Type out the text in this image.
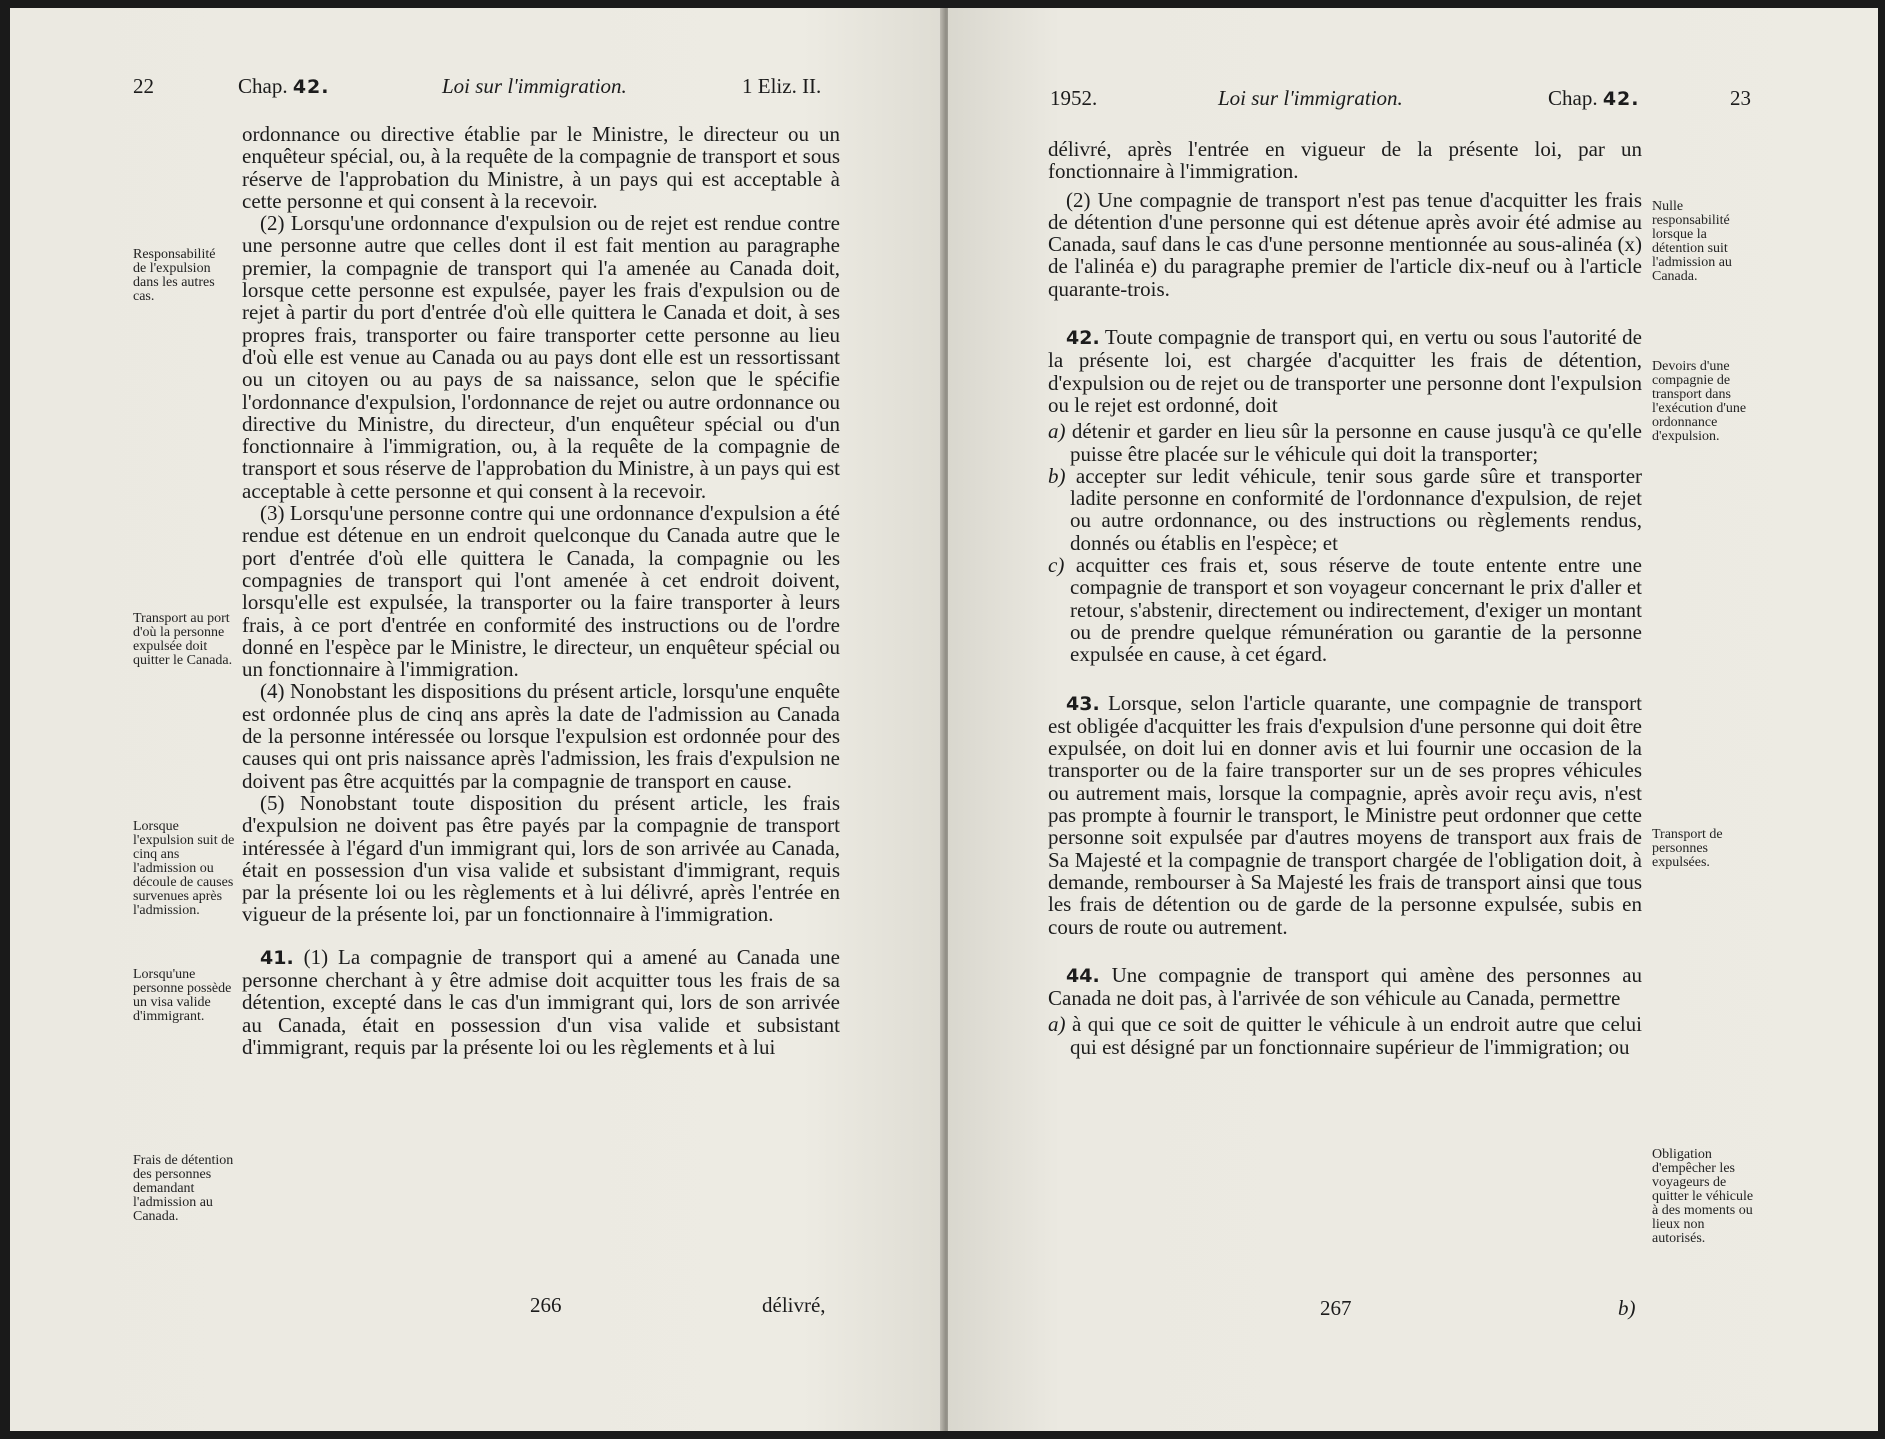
22	Chap. 42.	Loi sur l'immigration.	1 Eliz. II.

ordonnance ou directive établie par le Ministre, le directeur ou un enquêteur spécial, ou, à la requête de la compagnie de transport et sous réserve de l'approbation du Ministre, à un pays qui est acceptable à cette personne et qui consent à la recevoir.

(2) Lorsqu'une ordonnance d'expulsion ou de rejet est rendue contre une personne autre que celles dont il est fait mention au paragraphe premier, la compagnie de transport qui l'a amenée au Canada doit, lorsque cette personne est expulsée, payer les frais d'expulsion ou de rejet à partir du port d'entrée d'où elle quittera le Canada et doit, à ses propres frais, transporter ou faire transporter cette personne au lieu d'où elle est venue au Canada ou au pays dont elle est un ressortissant ou un citoyen ou au pays de sa naissance, selon que le spécifie l'ordonnance d'expulsion, l'ordonnance de rejet ou autre ordonnance ou directive du Ministre, du directeur, d'un enquêteur spécial ou d'un fonctionnaire à l'immigration, ou, à la requête de la compagnie de transport et sous réserve de l'approbation du Ministre, à un pays qui est acceptable à cette personne et qui consent à la recevoir.

(3) Lorsqu'une personne contre qui une ordonnance d'expulsion a été rendue est détenue en un endroit quelconque du Canada autre que le port d'entrée d'où elle quittera le Canada, la compagnie ou les compagnies de transport qui l'ont amenée à cet endroit doivent, lorsqu'elle est expulsée, la transporter ou la faire transporter à leurs frais, à ce port d'entrée en conformité des instructions ou de l'ordre donné en l'espèce par le Ministre, le directeur, un enquêteur spécial ou un fonctionnaire à l'immigration.

(4) Nonobstant les dispositions du présent article, lorsqu'une enquête est ordonnée plus de cinq ans après la date de l'admission au Canada de la personne intéressée ou lorsque l'expulsion est ordonnée pour des causes qui ont pris naissance après l'admission, les frais d'expulsion ne doivent pas être acquittés par la compagnie de transport en cause.

(5) Nonobstant toute disposition du présent article, les frais d'expulsion ne doivent pas être payés par la compagnie de transport intéressée à l'égard d'un immigrant qui, lors de son arrivée au Canada, était en possession d'un visa valide et subsistant d'immigrant, requis par la présente loi ou les règlements et à lui délivré, après l'entrée en vigueur de la présente loi, par un fonctionnaire à l'immigration.

41. (1) La compagnie de transport qui a amené au Canada une personne cherchant à y être admise doit acquitter tous les frais de sa détention, excepté dans le cas d'un immigrant qui, lors de son arrivée au Canada, était en possession d'un visa valide et subsistant d'immigrant, requis par la présente loi ou les règlements et à lui

Responsabilité de l'expulsion dans les autres cas.
Transport au port d'où la personne expulsée doit quitter le Canada.
Lorsque l'expulsion suit de cinq ans l'admission ou découle de causes survenues après l'admission.
Lorsqu'une personne possède un visa valide d'immigrant.
Frais de détention des personnes demandant l'admission au Canada.
266	délivré,
1952.	Loi sur l'immigration.	Chap. 42.	23

délivré, après l'entrée en vigueur de la présente loi, par un fonctionnaire à l'immigration.

(2) Une compagnie de transport n'est pas tenue d'acquitter les frais de détention d'une personne qui est détenue après avoir été admise au Canada, sauf dans le cas d'une personne mentionnée au sous-alinéa (x) de l'alinéa e) du paragraphe premier de l'article dix-neuf ou à l'article quarante-trois.

42. Toute compagnie de transport qui, en vertu ou sous l'autorité de la présente loi, est chargée d'acquitter les frais de détention, d'expulsion ou de rejet ou de transporter une personne dont l'expulsion ou le rejet est ordonné, doit

a) détenir et garder en lieu sûr la personne en cause jusqu'à ce qu'elle puisse être placée sur le véhicule qui doit la transporter;
b) accepter sur ledit véhicule, tenir sous garde sûre et transporter ladite personne en conformité de l'ordonnance d'expulsion, de rejet ou autre ordonnance, ou des instructions ou règlements rendus, donnés ou établis en l'espèce; et
c) acquitter ces frais et, sous réserve de toute entente entre une compagnie de transport et son voyageur concernant le prix d'aller et retour, s'abstenir, directement ou indirectement, d'exiger un montant ou de prendre quelque rémunération ou garantie de la personne expulsée en cause, à cet égard.

43. Lorsque, selon l'article quarante, une compagnie de transport est obligée d'acquitter les frais d'expulsion d'une personne qui doit être expulsée, on doit lui en donner avis et lui fournir une occasion de la transporter ou de la faire transporter sur un de ses propres véhicules ou autrement mais, lorsque la compagnie, après avoir reçu avis, n'est pas prompte à fournir le transport, le Ministre peut ordonner que cette personne soit expulsée par d'autres moyens de transport aux frais de Sa Majesté et la compagnie de transport chargée de l'obligation doit, à demande, rembourser à Sa Majesté les frais de transport ainsi que tous les frais de détention ou de garde de la personne expulsée, subis en cours de route ou autrement.

44. Une compagnie de transport qui amène des personnes au Canada ne doit pas, à l'arrivée de son véhicule au Canada, permettre

a) à qui que ce soit de quitter le véhicule à un endroit autre que celui qui est désigné par un fonctionnaire supérieur de l'immigration; ou
Nulle responsabilité lorsque la détention suit l'admission au Canada.
Devoirs d'une compagnie de transport dans l'exécution d'une ordonnance d'expulsion.
Transport de personnes expulsées.
Obligation d'empêcher les voyageurs de quitter le véhicule à des moments ou lieux non autorisés.
267	b)
